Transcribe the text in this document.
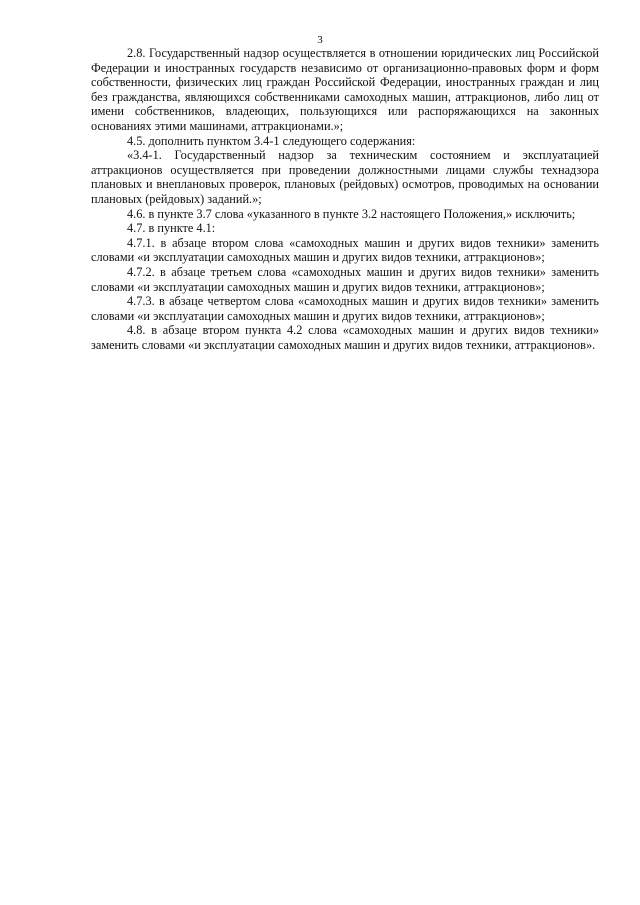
3

2.8. Государственный надзор осуществляется в отношении юридических лиц Российской Федерации и иностранных государств независимо от организационно-правовых форм и форм собственности, физических лиц граждан Российской Федерации, иностранных граждан и лиц без гражданства, являющихся собственниками самоходных машин, аттракционов, либо лиц от имени собственников, владеющих, пользующихся или распоряжающихся на законных основаниях этими машинами, аттракционами.»;

4.5. дополнить пунктом 3.4-1 следующего содержания:

«3.4-1. Государственный надзор за техническим состоянием и эксплуатацией аттракционов осуществляется при проведении должностными лицами службы технадзора плановых и внеплановых проверок, плановых (рейдовых) осмотров, проводимых на основании плановых (рейдовых) заданий.»;

4.6. в пункте 3.7 слова «указанного в пункте 3.2 настоящего Положения,» исключить;

4.7. в пункте 4.1:

4.7.1. в абзаце втором слова «самоходных машин и других видов техники» заменить словами «и эксплуатации самоходных машин и других видов техники, аттракционов»;

4.7.2. в абзаце третьем слова «самоходных машин и других видов техники» заменить словами «и эксплуатации самоходных машин и других видов техники, аттракционов»;

4.7.3. в абзаце четвертом слова «самоходных машин и других видов техники» заменить словами «и эксплуатации самоходных машин и других видов техники, аттракционов»;

4.8. в абзаце втором пункта 4.2 слова «самоходных машин и других видов техники» заменить словами «и эксплуатации самоходных машин и других видов техники, аттракционов».
